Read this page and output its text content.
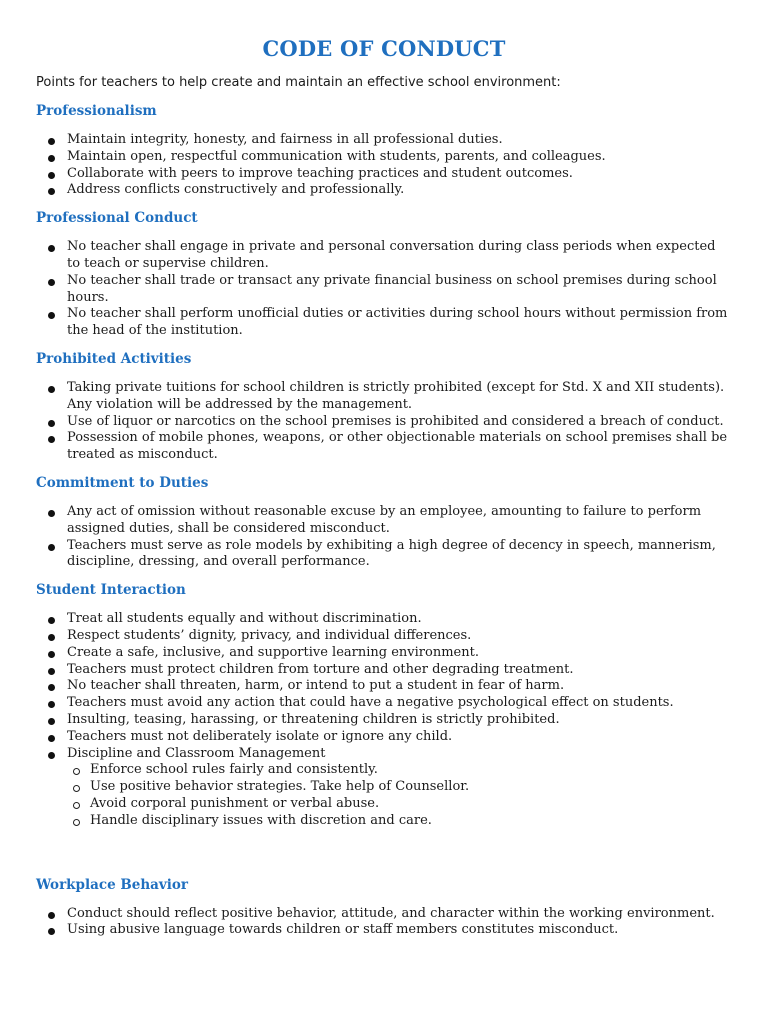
CODE OF CONDUCT

Points for teachers to help create and maintain an effective school environment:

Professionalism
Maintain integrity, honesty, and fairness in all professional duties.
Maintain open, respectful communication with students, parents, and colleagues.
Collaborate with peers to improve teaching practices and student outcomes.
Address conflicts constructively and professionally.
Professional Conduct
No teacher shall engage in private and personal conversation during class periods when expected to teach or supervise children.
No teacher shall trade or transact any private financial business on school premises during school hours.
No teacher shall perform unofficial duties or activities during school hours without permission from the head of the institution.
Prohibited Activities
Taking private tuitions for school children is strictly prohibited (except for Std. X and XII students). Any violation will be addressed by the management.
Use of liquor or narcotics on the school premises is prohibited and considered a breach of conduct.
Possession of mobile phones, weapons, or other objectionable materials on school premises shall be treated as misconduct.
Commitment to Duties
Any act of omission without reasonable excuse by an employee, amounting to failure to perform assigned duties, shall be considered misconduct.
Teachers must serve as role models by exhibiting a high degree of decency in speech, mannerism, discipline, dressing, and overall performance.
Student Interaction
Treat all students equally and without discrimination.
Respect students’ dignity, privacy, and individual differences.
Create a safe, inclusive, and supportive learning environment.
Teachers must protect children from torture and other degrading treatment.
No teacher shall threaten, harm, or intend to put a student in fear of harm.
Teachers must avoid any action that could have a negative psychological effect on students.
Insulting, teasing, harassing, or threatening children is strictly prohibited.
Teachers must not deliberately isolate or ignore any child.
Discipline and Classroom Management
Enforce school rules fairly and consistently.
Use positive behavior strategies. Take help of Counsellor.
Avoid corporal punishment or verbal abuse.
Handle disciplinary issues with discretion and care.
Workplace Behavior
Conduct should reflect positive behavior, attitude, and character within the working environment.
Using abusive language towards children or staff members constitutes misconduct.
